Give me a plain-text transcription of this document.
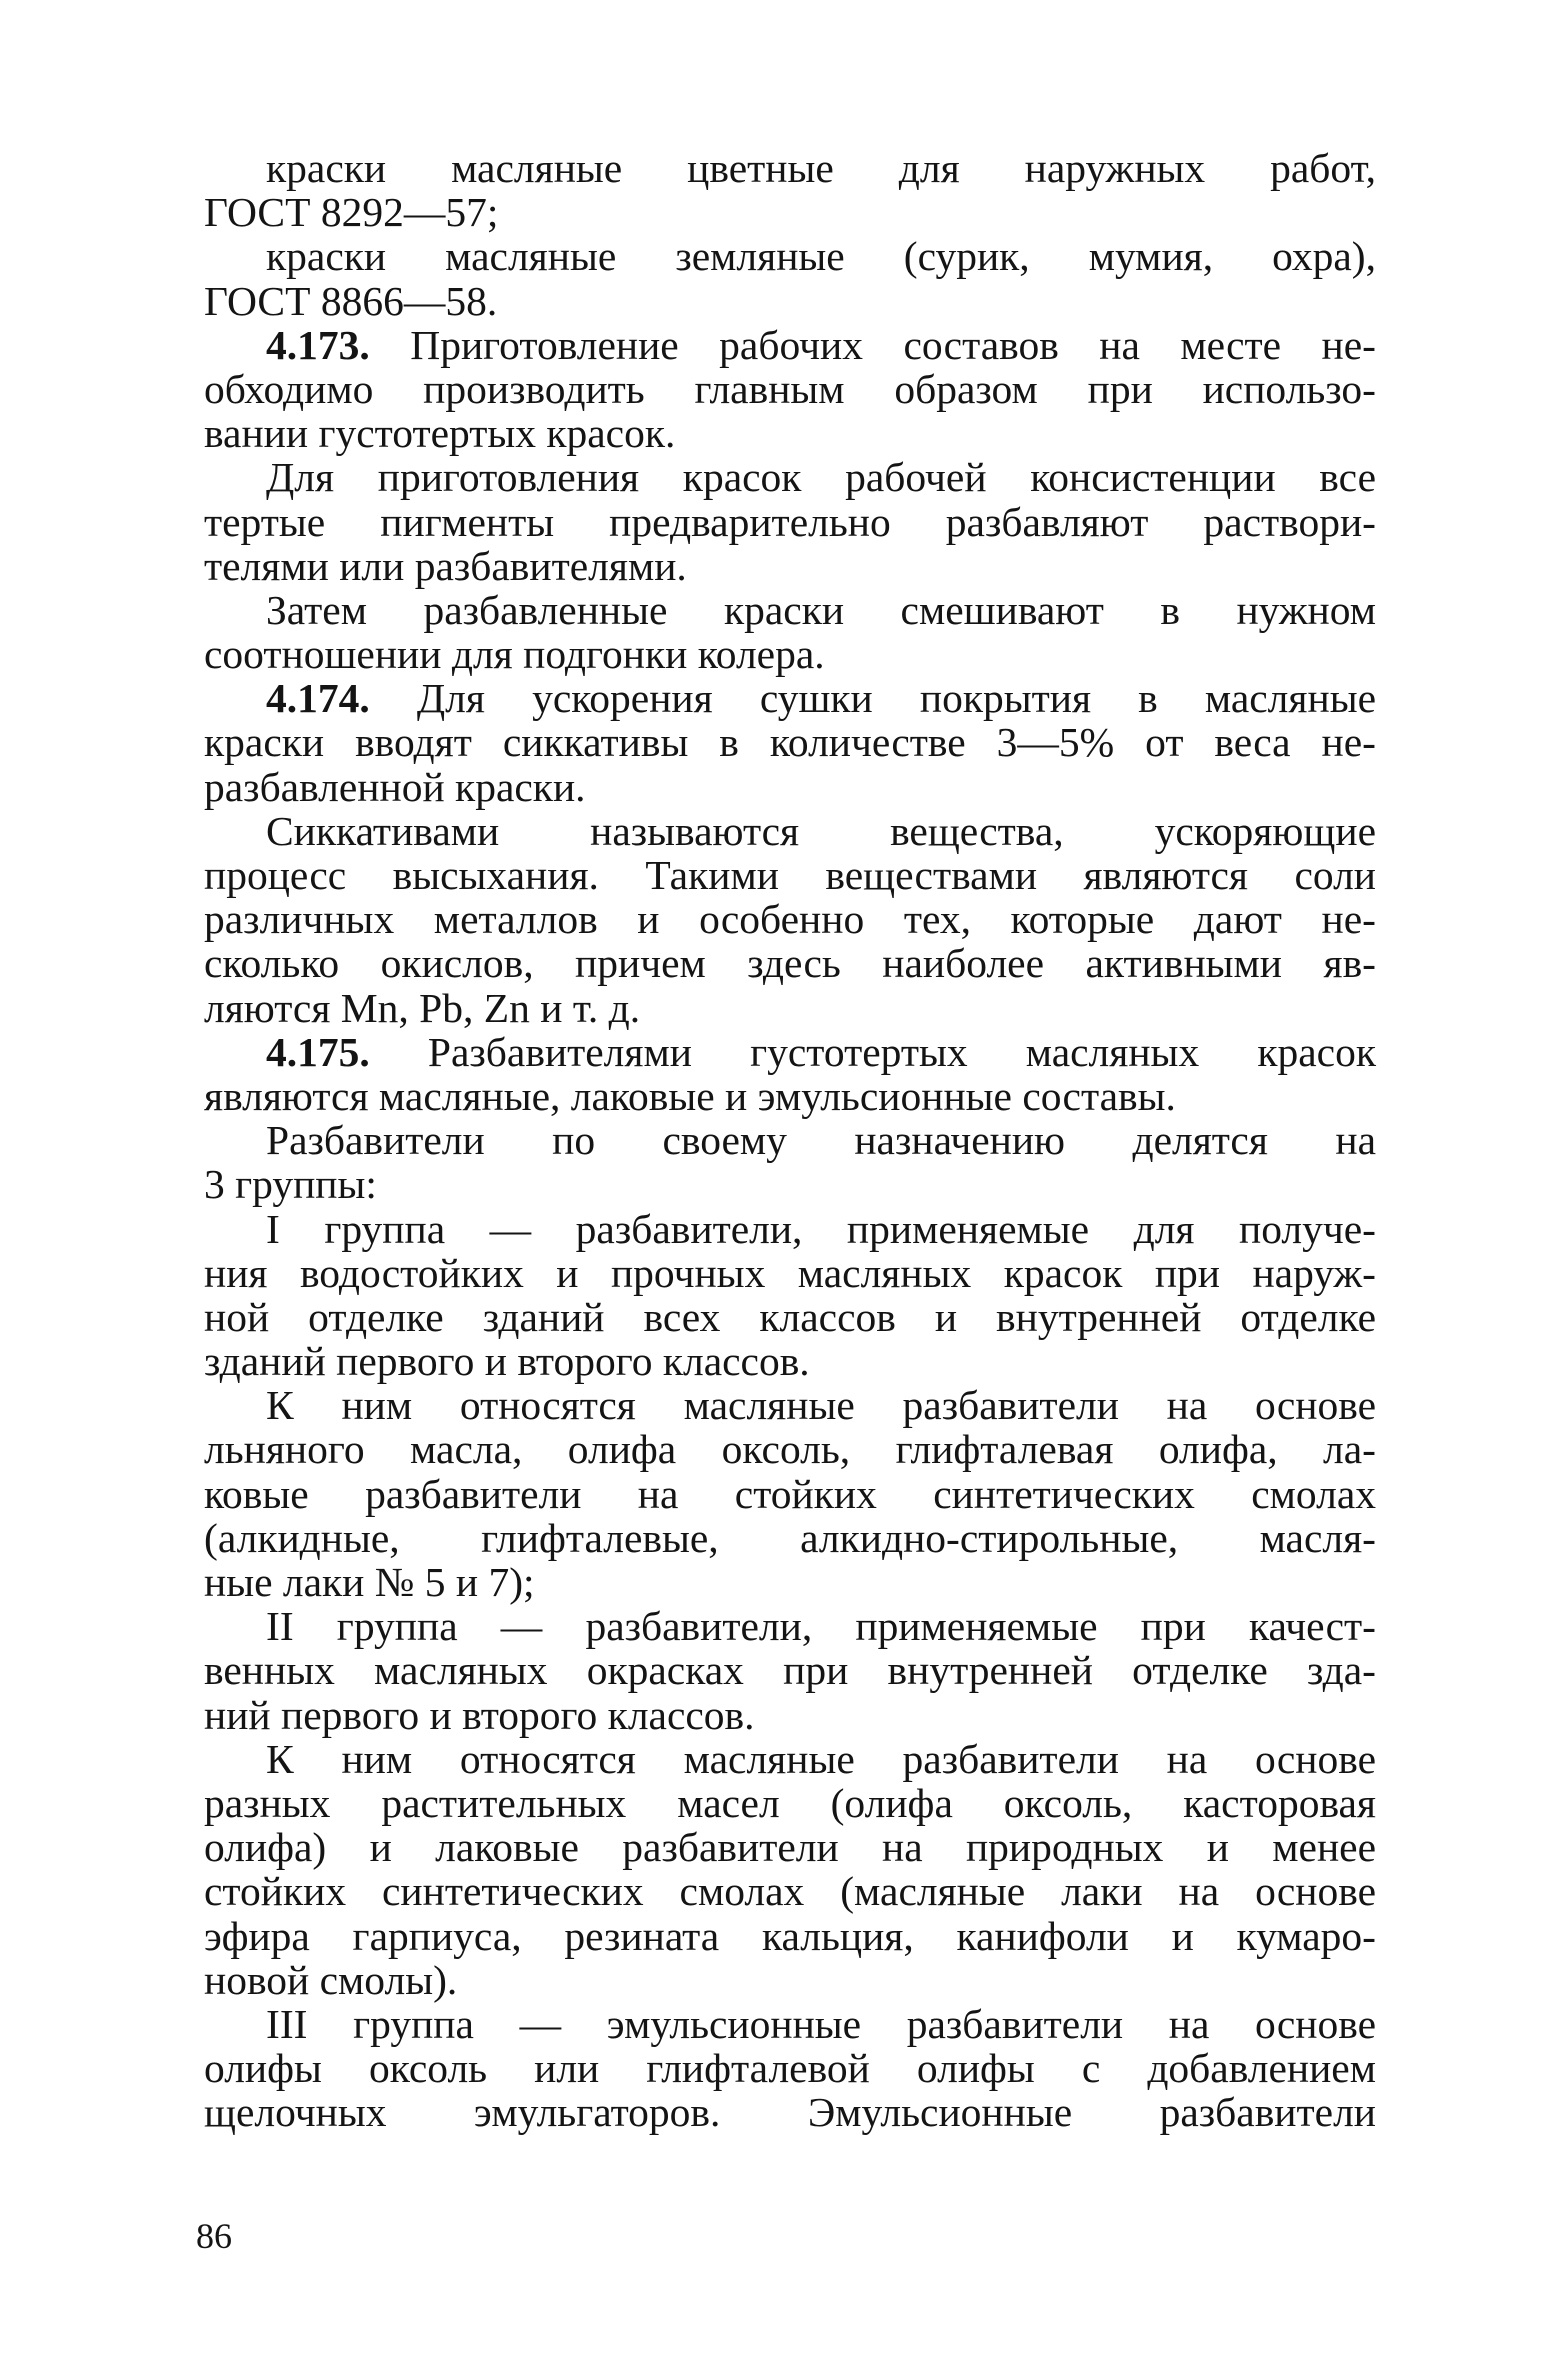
краски масляные цветные для наружных работ,
ГОСТ 8292—57;
краски масляные земляные (сурик, мумия, охра),
ГОСТ 8866—58.
4.173. Приготовление рабочих составов на месте не-
обходимо производить главным образом при использо-
вании густотертых красок.
Для приготовления красок рабочей консистенции все
тертые пигменты предварительно разбавляют раствори-
телями или разбавителями.
Затем разбавленные краски смешивают в нужном
соотношении для подгонки колера.
4.174. Для ускорения сушки покрытия в масляные
краски вводят сиккативы в количестве 3—5% от веса не-
разбавленной краски.
Сиккативами называются вещества, ускоряющие
процесс высыхания. Такими веществами являются соли
различных металлов и особенно тех, которые дают не-
сколько окислов, причем здесь наиболее активными яв-
ляются Mn, Pb, Zn и т. д.
4.175. Разбавителями густотертых масляных красок
являются масляные, лаковые и эмульсионные составы.
Разбавители по своему назначению делятся на
3 группы:
I группа — разбавители, применяемые для получе-
ния водостойких и прочных масляных красок при наруж-
ной отделке зданий всех классов и внутренней отделке
зданий первого и второго классов.
К ним относятся масляные разбавители на основе
льняного масла, олифа оксоль, глифталевая олифа, ла-
ковые разбавители на стойких синтетических смолах
(алкидные, глифталевые, алкидно-стирольные, масля-
ные лаки № 5 и 7);
II группа — разбавители, применяемые при качест-
венных масляных окрасках при внутренней отделке зда-
ний первого и второго классов.
К ним относятся масляные разбавители на основе
разных растительных масел (олифа оксоль, касторовая
олифа) и лаковые разбавители на природных и менее
стойких синтетических смолах (масляные лаки на основе
эфира гарпиуса, резината кальция, канифоли и кумаро-
новой смолы).
III группа — эмульсионные разбавители на основе
олифы оксоль или глифталевой олифы с добавлением
щелочных эмульгаторов. Эмульсионные разбавители
86
